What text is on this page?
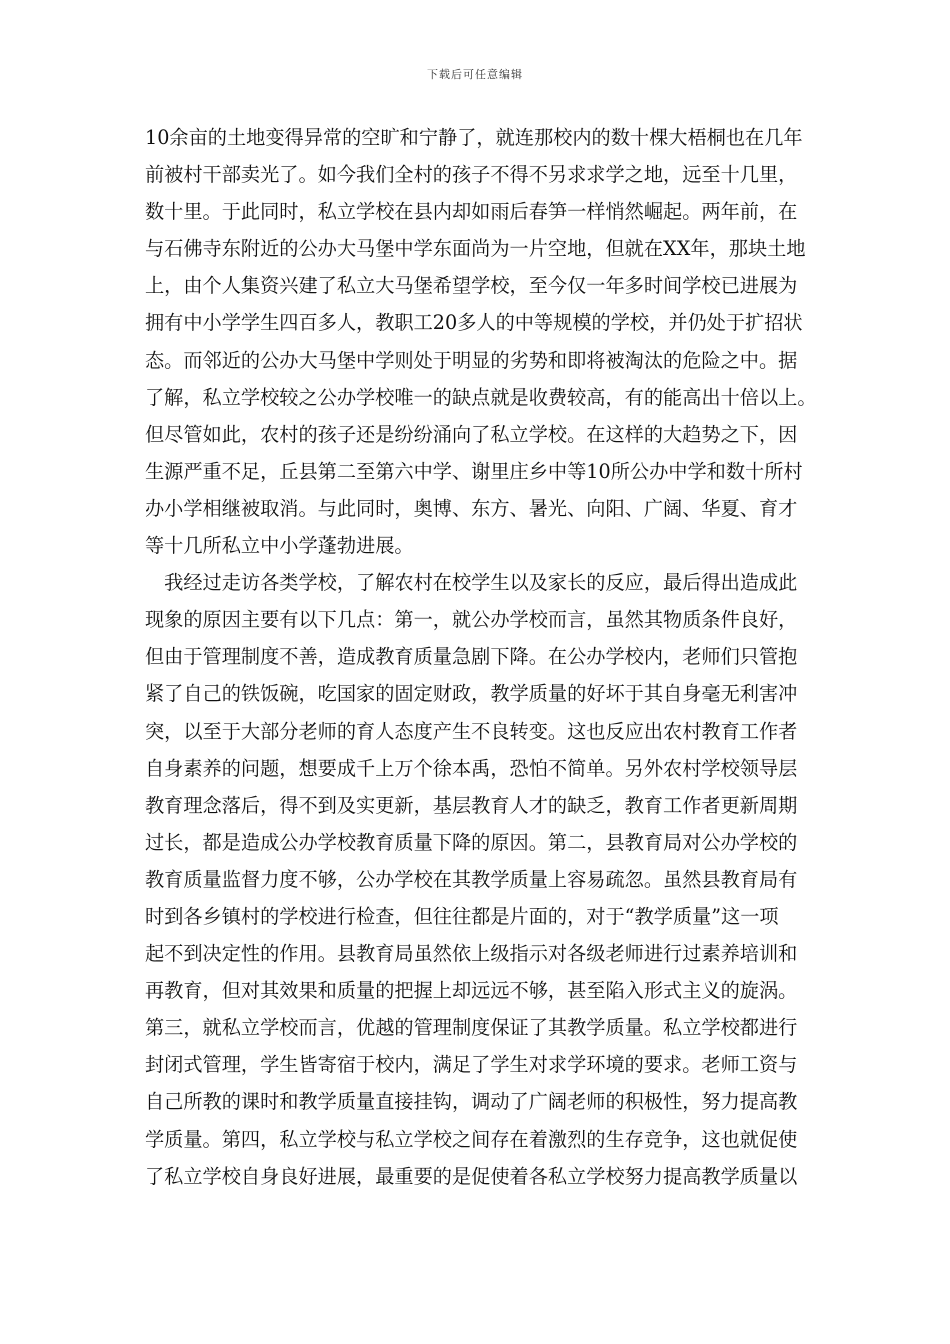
下载后可任意编辑
10余亩的土地变得异常的空旷和宁静了，就连那校内的数十棵大梧桐也在几年
前被村干部卖光了。如今我们全村的孩子不得不另求求学之地，远至十几里，
数十里。于此同时，私立学校在县内却如雨后春笋一样悄然崛起。两年前，在
与石佛寺东附近的公办大马堡中学东面尚为一片空地，但就在XX年，那块土地
上，由个人集资兴建了私立大马堡希望学校，至今仅一年多时间学校已进展为
拥有中小学学生四百多人，教职工20多人的中等规模的学校，并仍处于扩招状
态。而邻近的公办大马堡中学则处于明显的劣势和即将被淘汰的危险之中。据
了解，私立学校较之公办学校唯一的缺点就是收费较高，有的能高出十倍以上。
但尽管如此，农村的孩子还是纷纷涌向了私立学校。在这样的大趋势之下，因
生源严重不足，丘县第二至第六中学、谢里庄乡中等10所公办中学和数十所村
办小学相继被取消。与此同时，奥博、东方、暑光、向阳、广阔、华夏、育才
等十几所私立中小学蓬勃进展。
　我经过走访各类学校，了解农村在校学生以及家长的反应，最后得出造成此
现象的原因主要有以下几点：第一，就公办学校而言，虽然其物质条件良好，
但由于管理制度不善，造成教育质量急剧下降。在公办学校内，老师们只管抱
紧了自己的铁饭碗，吃国家的固定财政，教学质量的好坏于其自身毫无利害冲
突，以至于大部分老师的育人态度产生不良转变。这也反应出农村教育工作者
自身素养的问题，想要成千上万个徐本禹，恐怕不简单。另外农村学校领导层
教育理念落后，得不到及实更新，基层教育人才的缺乏，教育工作者更新周期
过长，都是造成公办学校教育质量下降的原因。第二，县教育局对公办学校的
教育质量监督力度不够，公办学校在其教学质量上容易疏忽。虽然县教育局有
时到各乡镇村的学校进行检查，但往往都是片面的，对于“教学质量”这一项
起不到决定性的作用。县教育局虽然依上级指示对各级老师进行过素养培训和
再教育，但对其效果和质量的把握上却远远不够，甚至陷入形式主义的旋涡。
第三，就私立学校而言，优越的管理制度保证了其教学质量。私立学校都进行
封闭式管理，学生皆寄宿于校内，满足了学生对求学环境的要求。老师工资与
自己所教的课时和教学质量直接挂钩，调动了广阔老师的积极性，努力提高教
学质量。第四，私立学校与私立学校之间存在着激烈的生存竞争，这也就促使
了私立学校自身良好进展，最重要的是促使着各私立学校努力提高教学质量以
